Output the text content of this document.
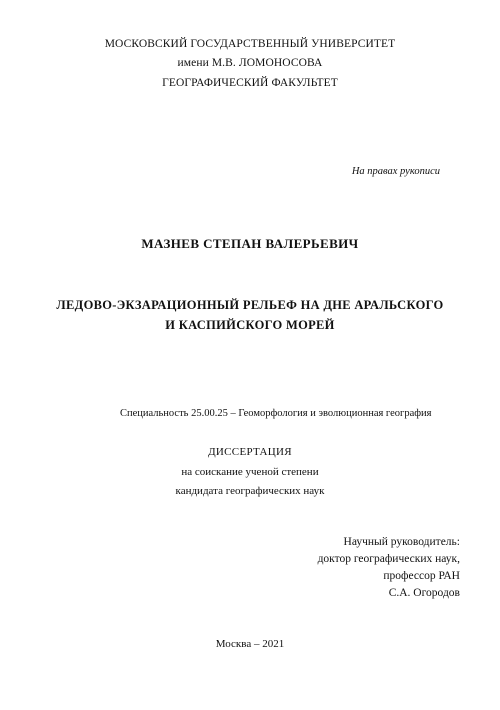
МОСКОВСКИЙ ГОСУДАРСТВЕННЫЙ УНИВЕРСИТЕТ
имени М.В. ЛОМОНОСОВА
ГЕОГРАФИЧЕСКИЙ ФАКУЛЬТЕТ
На правах рукописи
МАЗНЕВ СТЕПАН ВАЛЕРЬЕВИЧ
ЛЕДОВО-ЭКЗАРАЦИОННЫЙ РЕЛЬЕФ НА ДНЕ АРАЛЬСКОГО
И КАСПИЙСКОГО МОРЕЙ
Специальность 25.00.25 – Геоморфология и эволюционная география
ДИССЕРТАЦИЯ
на соискание ученой степени
кандидата географических наук
Научный руководитель:
доктор географических наук,
профессор РАН
С.А. Огородов
Москва – 2021
